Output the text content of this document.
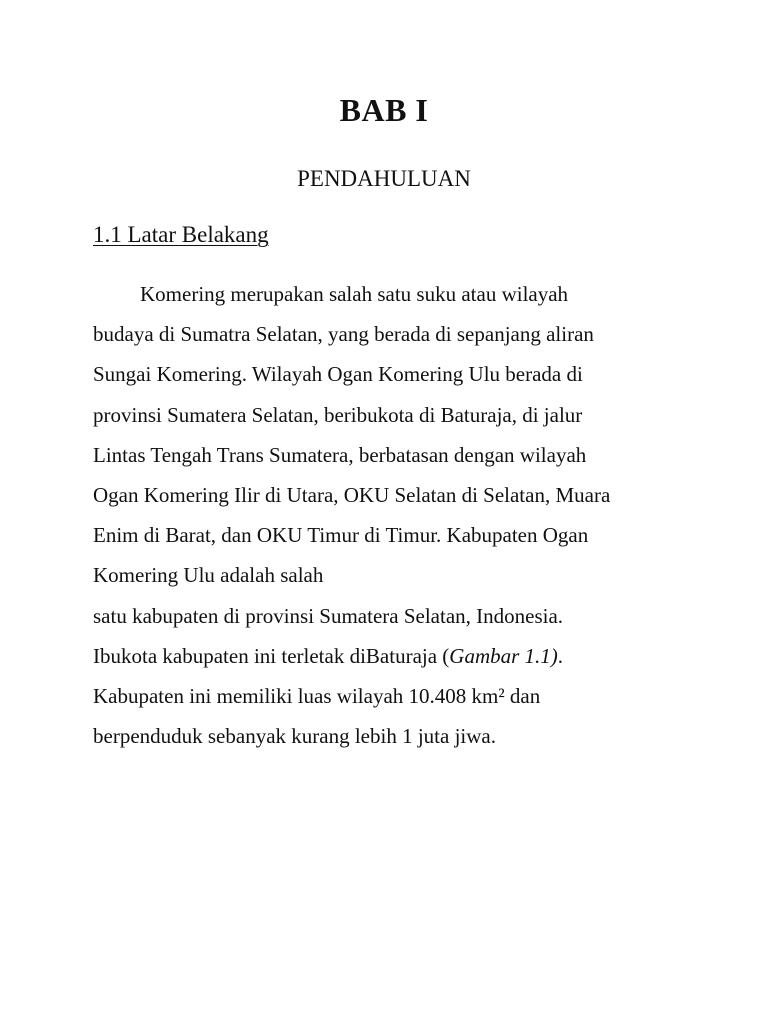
BAB I
PENDAHULUAN
1.1 Latar Belakang
Komering merupakan salah satu suku atau wilayah
budaya di Sumatra Selatan, yang berada di sepanjang aliran
Sungai Komering. Wilayah Ogan Komering Ulu berada di
provinsi Sumatera Selatan, beribukota di Baturaja, di jalur
Lintas Tengah Trans Sumatera, berbatasan dengan wilayah
Ogan Komering Ilir di Utara, OKU Selatan di Selatan, Muara
Enim di Barat, dan OKU Timur di Timur. Kabupaten Ogan
Komering Ulu adalah salah
satu kabupaten di provinsi Sumatera Selatan, Indonesia.
Ibukota kabupaten ini terletak diBaturaja (Gambar 1.1).
Kabupaten ini memiliki luas wilayah 10.408 km² dan
berpenduduk sebanyak kurang lebih 1 juta jiwa.
